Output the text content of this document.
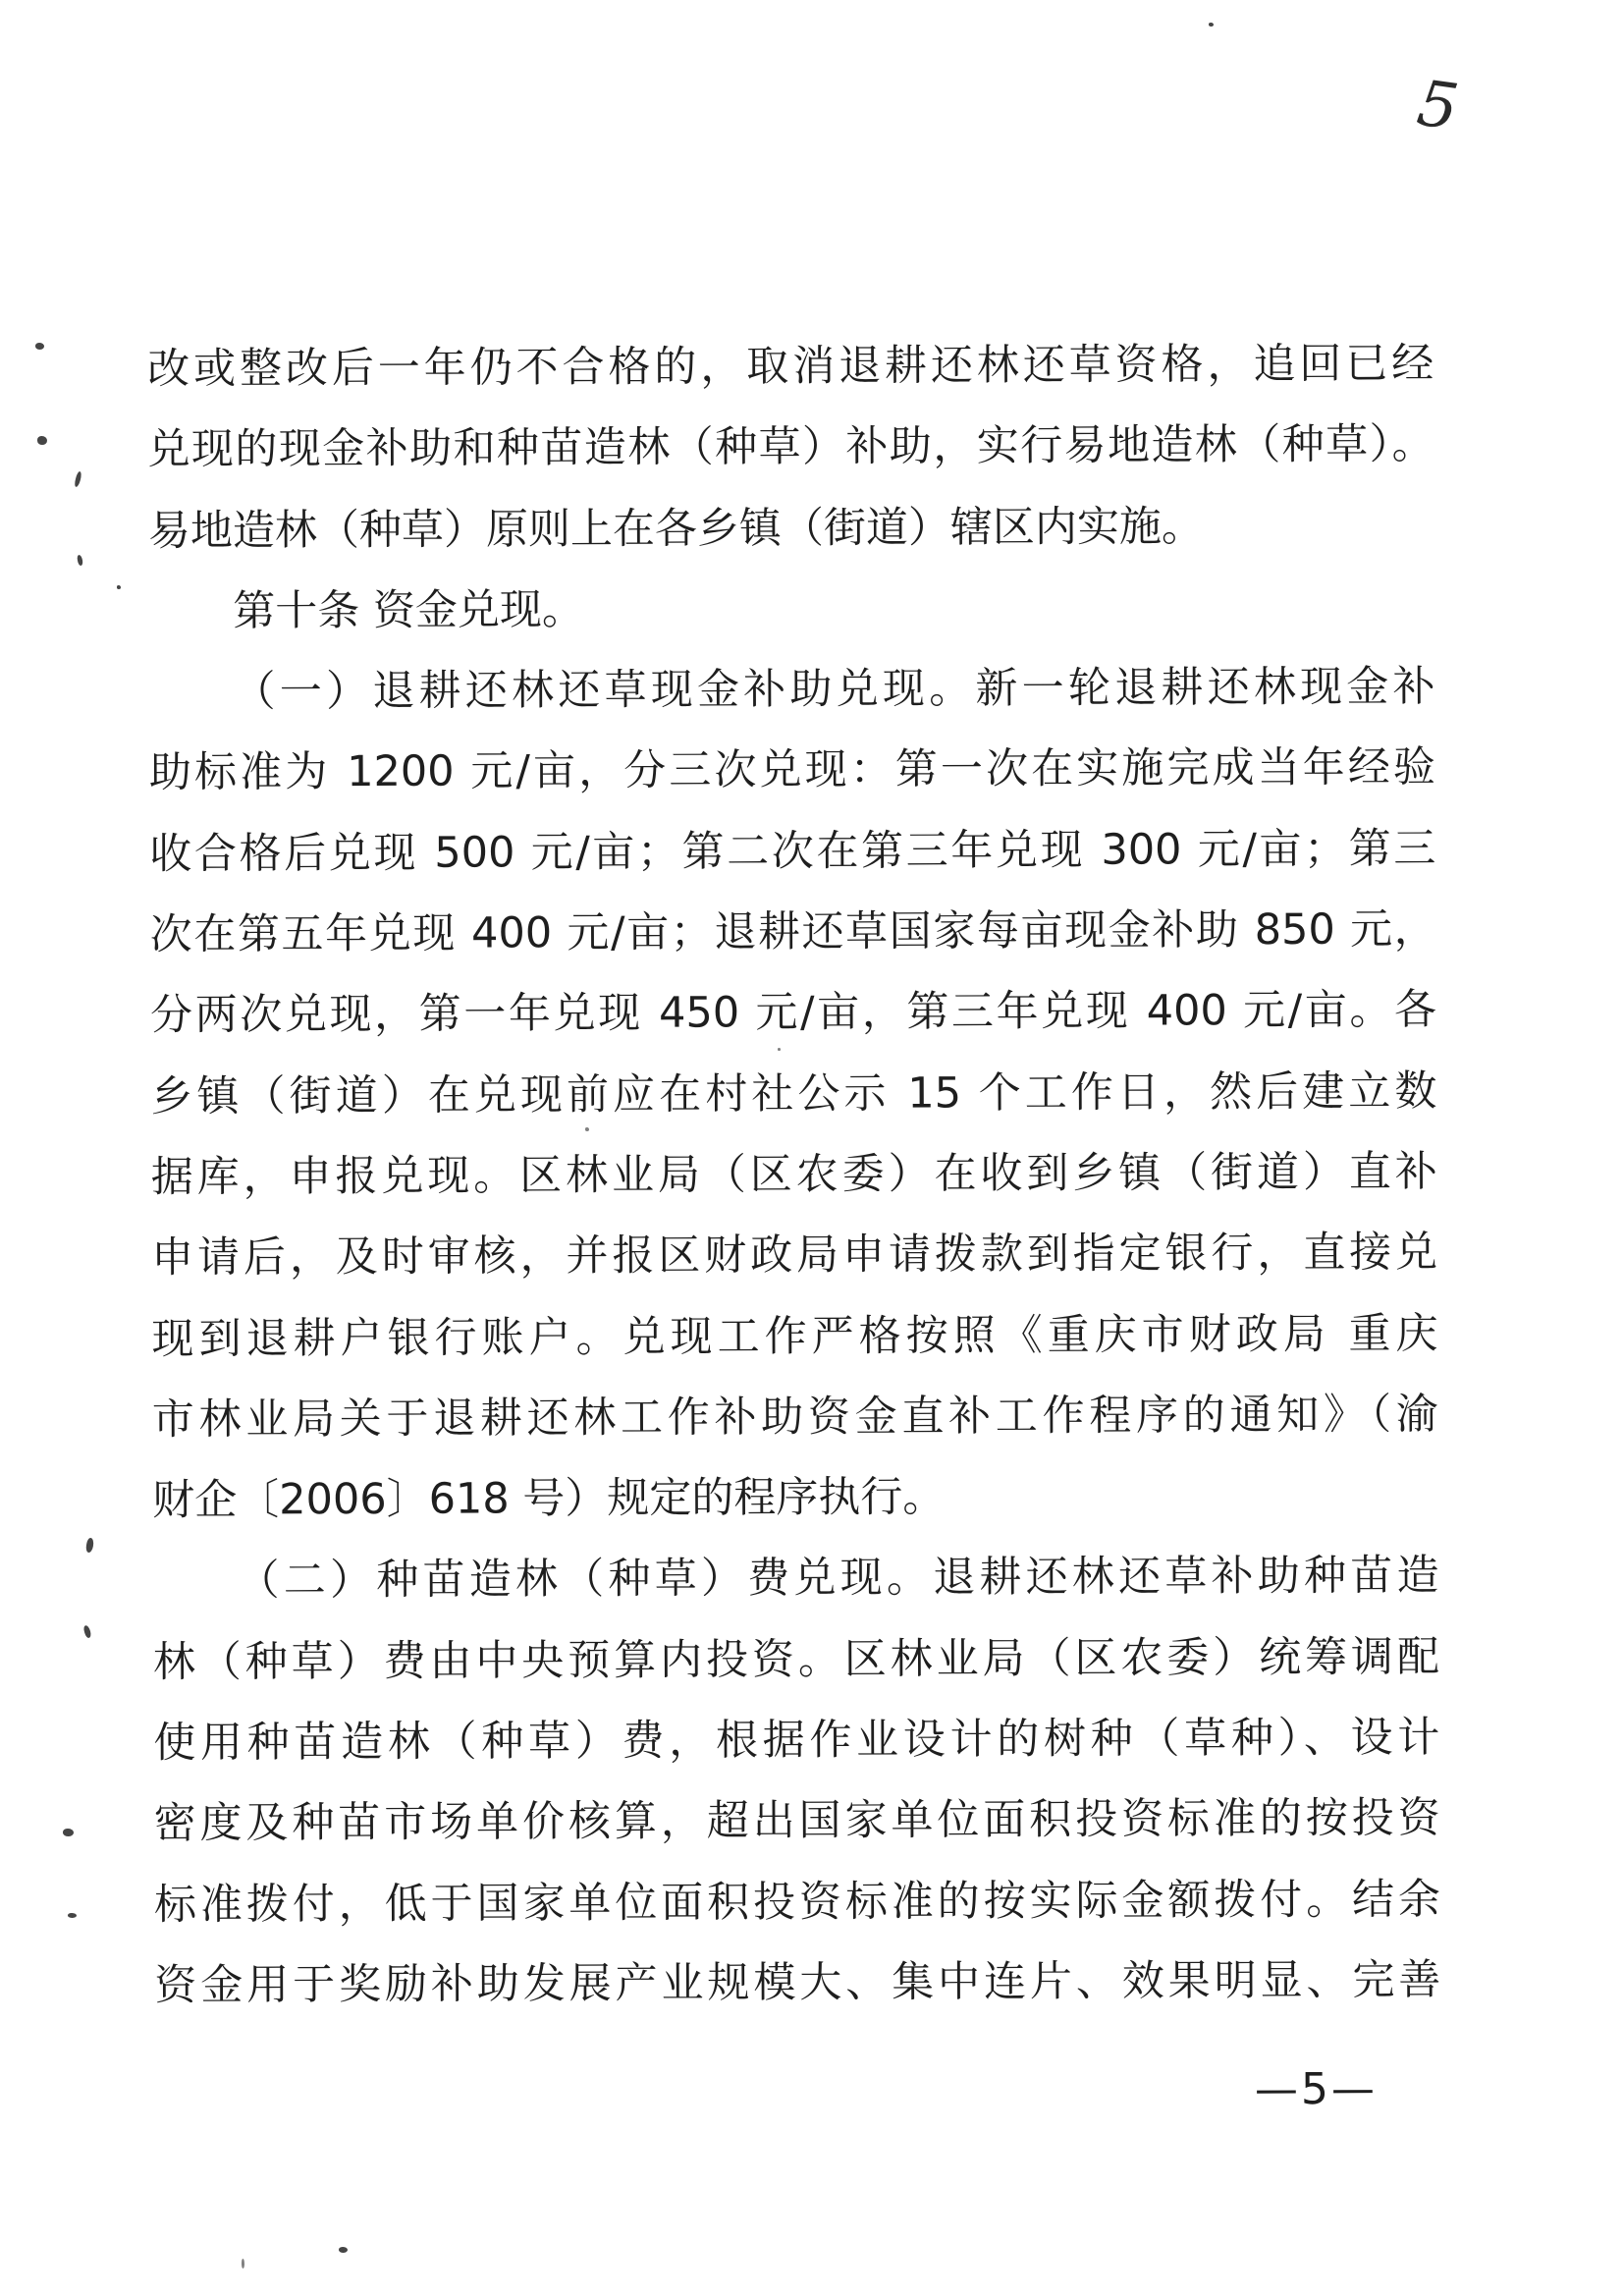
5
改或整改后一年仍不合格的，取消退耕还林还草资格，追回已经
兑现的现金补助和种苗造林（种草）补助，实行易地造林（种草）。
易地造林（种草）原则上在各乡镇（街道）辖区内实施。
第十条 资金兑现。
（一）退耕还林还草现金补助兑现。新一轮退耕还林现金补
助标准为 1200 元/亩，分三次兑现：第一次在实施完成当年经验
收合格后兑现 500 元/亩；第二次在第三年兑现 300 元/亩；第三
次在第五年兑现 400 元/亩；退耕还草国家每亩现金补助 850 元，
分两次兑现，第一年兑现 450 元/亩，第三年兑现 400 元/亩。各
乡镇（街道）在兑现前应在村社公示 15 个工作日，然后建立数
据库，申报兑现。区林业局（区农委）在收到乡镇（街道）直补
申请后，及时审核，并报区财政局申请拨款到指定银行，直接兑
现到退耕户银行账户。兑现工作严格按照《重庆市财政局 重庆
市林业局关于退耕还林工作补助资金直补工作程序的通知》（渝
财企〔2006〕618 号）规定的程序执行。
（二）种苗造林（种草）费兑现。退耕还林还草补助种苗造
林（种草）费由中央预算内投资。区林业局（区农委）统筹调配
使用种苗造林（种草）费，根据作业设计的树种（草种）、设计
密度及种苗市场单价核算，超出国家单位面积投资标准的按投资
标准拨付，低于国家单位面积投资标准的按实际金额拨付。结余
资金用于奖励补助发展产业规模大、集中连片、效果明显、完善
—5—
